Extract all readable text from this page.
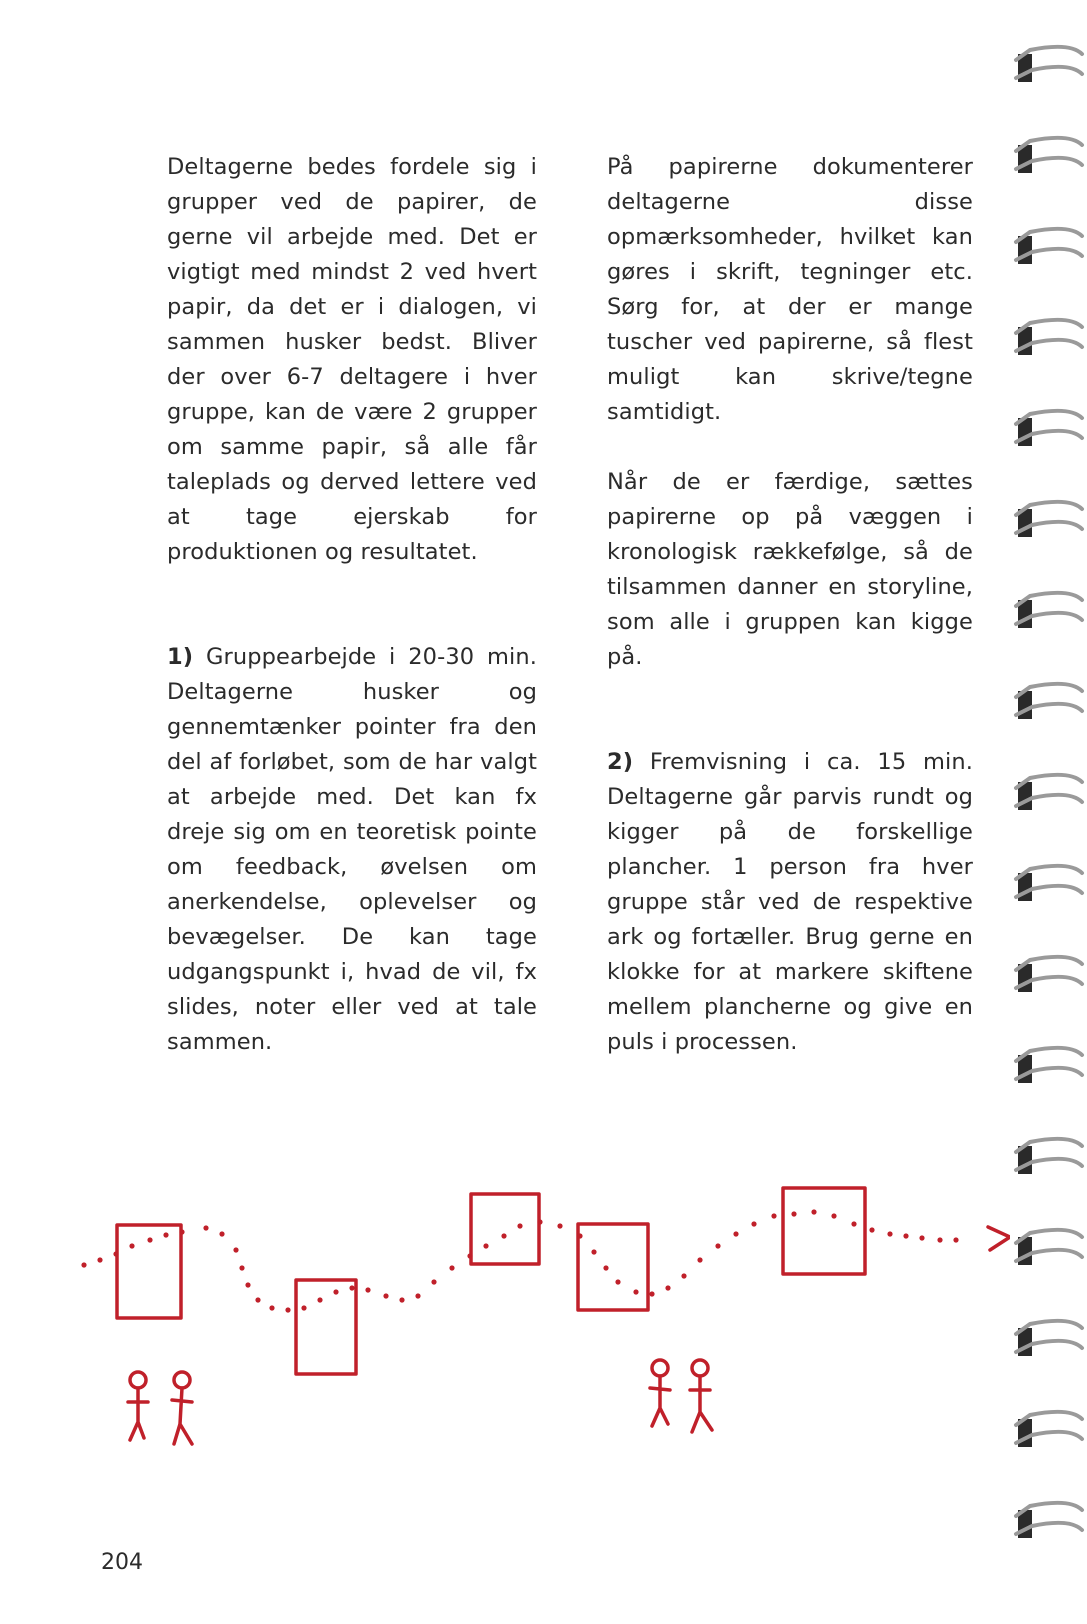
Deltagerne bedes fordele sig i grupper ved de papirer, de gerne vil arbejde med. Det er vigtigt med mindst 2 ved hvert papir, da det er i dialogen, vi sammen husker bedst. Bliver der over 6-7 deltagere i hver gruppe, kan de være 2 grupper om samme papir, så alle får taleplads og derved lettere ved at tage ejerskab for produktionen og resultatet.

1) Gruppearbejde i 20-30 min. Deltagerne husker og gennemtænker pointer fra den del af forløbet, som de har valgt at arbejde med. Det kan fx dreje sig om en teoretisk pointe om feedback, øvelsen om anerkendelse, oplevelser og bevægelser. De kan tage udgangspunkt i, hvad de vil, fx slides, noter eller ved at tale sammen.

På papirerne dokumenterer deltagerne disse opmærksomheder, hvilket kan gøres i skrift, tegninger etc. Sørg for, at der er mange tuscher ved papirerne, så flest muligt kan skrive/tegne samtidigt.

Når de er færdige, sættes papirerne op på væggen i kronologisk rækkefølge, så de tilsammen danner en storyline, som alle i gruppen kan kigge på.

2) Fremvisning i ca. 15 min. Deltagerne går parvis rundt og kigger på de forskellige plancher. 1 person fra hver gruppe står ved de respektive ark og fortæller. Brug gerne en klokke for at markere skiftene mellem plancherne og give en puls i processen.

204
